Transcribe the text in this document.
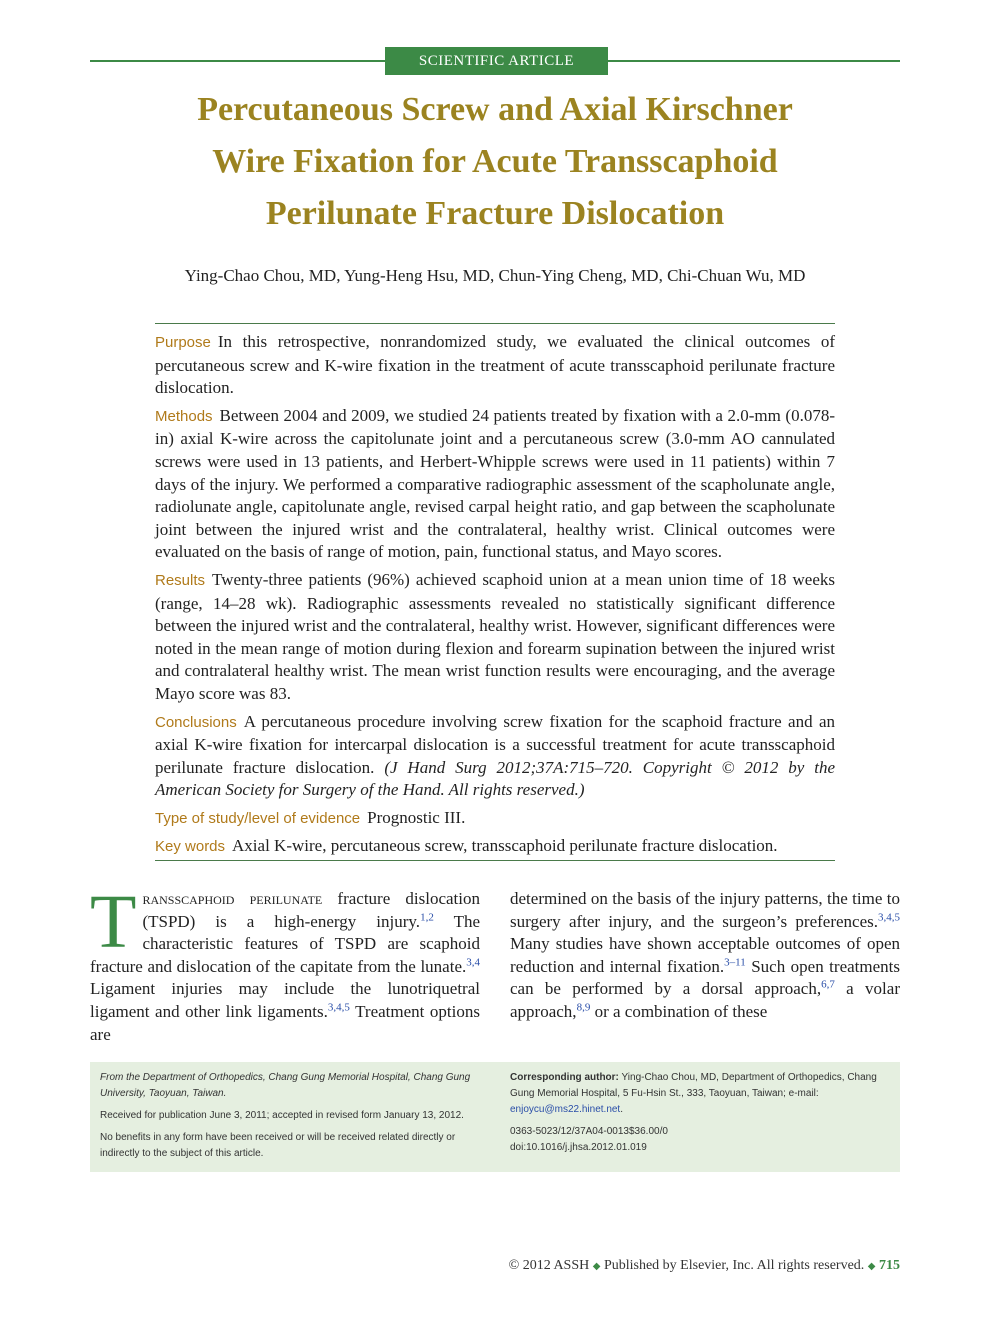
SCIENTIFIC ARTICLE
Percutaneous Screw and Axial Kirschner
Wire Fixation for Acute Transscaphoid
Perilunate Fracture Dislocation
Ying-Chao Chou, MD, Yung-Heng Hsu, MD, Chun-Ying Cheng, MD, Chi-Chuan Wu, MD

Purpose In this retrospective, nonrandomized study, we evaluated the clinical outcomes of percutaneous screw and K-wire fixation in the treatment of acute transscaphoid perilunate fracture dislocation.

Methods Between 2004 and 2009, we studied 24 patients treated by fixation with a 2.0-mm (0.078-in) axial K-wire across the capitolunate joint and a percutaneous screw (3.0-mm AO cannulated screws were used in 13 patients, and Herbert-Whipple screws were used in 11 patients) within 7 days of the injury. We performed a comparative radiographic assessment of the scapholunate angle, radiolunate angle, capitolunate angle, revised carpal height ratio, and gap between the scapholunate joint between the injured wrist and the contralateral, healthy wrist. Clinical outcomes were evaluated on the basis of range of motion, pain, functional status, and Mayo scores.

Results Twenty-three patients (96%) achieved scaphoid union at a mean union time of 18 weeks (range, 14–28 wk). Radiographic assessments revealed no statistically significant difference between the injured wrist and the contralateral, healthy wrist. However, significant differences were noted in the mean range of motion during flexion and forearm supination between the injured wrist and contralateral healthy wrist. The mean wrist function results were encouraging, and the average Mayo score was 83.

Conclusions A percutaneous procedure involving screw fixation for the scaphoid fracture and an axial K-wire fixation for intercarpal dislocation is a successful treatment for acute transscaphoid perilunate fracture dislocation. (J Hand Surg 2012;37A:715–720. Copyright © 2012 by the American Society for Surgery of the Hand. All rights reserved.)

Type of study/level of evidence Prognostic III.

Key words Axial K-wire, percutaneous screw, transscaphoid perilunate fracture dislocation.

Transscaphoid perilunate fracture dislocation (TSPD) is a high-energy injury.$^{1,2}$ The characteristic features of TSPD are scaphoid fracture and dislocation of the capitate from the lunate.$^{3,4}$ Ligament injuries may include the lunotriquetral ligament and other link ligaments.$^{3,4,5}$ Treatment options are
determined on the basis of the injury patterns, the time to surgery after injury, and the surgeon’s preferences.$^{3,4,5}$ Many studies have shown acceptable outcomes of open reduction and internal fixation.$^{3-11}$ Such open treatments can be performed by a dorsal approach,$^{6,7}$ a volar approach,$^{8,9}$ or a combination of these

From the Department of Orthopedics, Chang Gung Memorial Hospital, Chang Gung University, Taoyuan, Taiwan.

Received for publication June 3, 2011; accepted in revised form January 13, 2012.

No benefits in any form have been received or will be received related directly or indirectly to the subject of this article.

Corresponding author: Ying-Chao Chou, MD, Department of Orthopedics, Chang Gung Memorial Hospital, 5 Fu-Hsin St., 333, Taoyuan, Taiwan; e-mail: enjoycu@ms22.hinet.net.

0363-5023/12/37A04-0013$36.00/0

doi:10.1016/j.jhsa.2012.01.019

© 2012 ASSH ◆ Published by Elsevier, Inc. All rights reserved. ◆ 715
